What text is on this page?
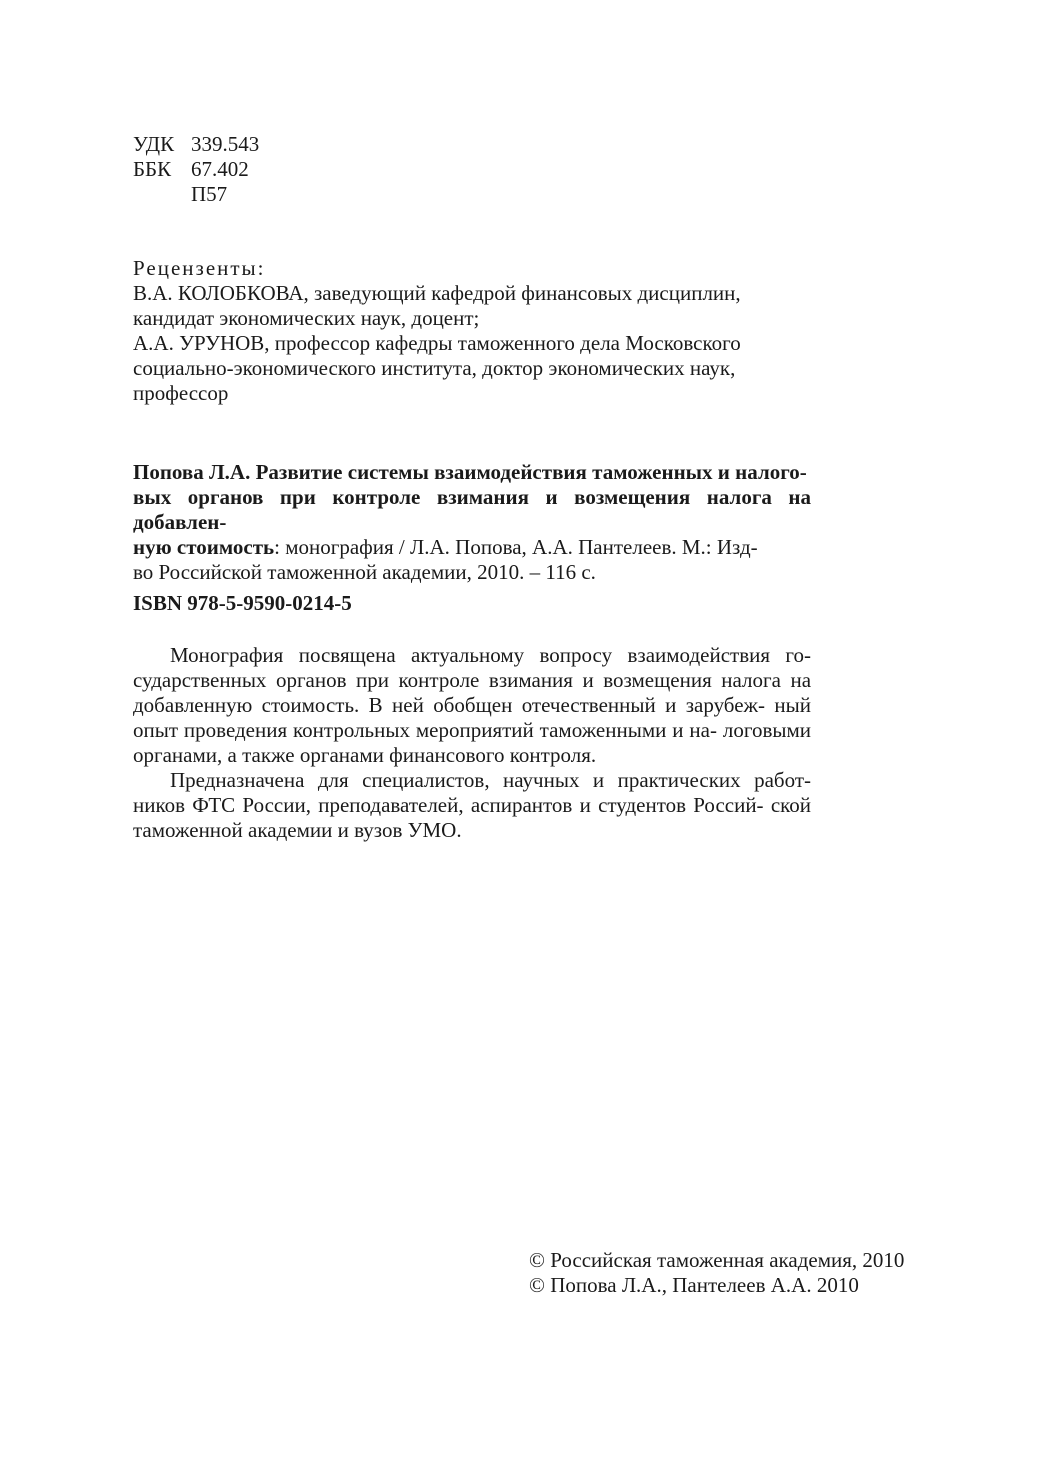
УДК 339.543
ББК 67.402
П57
Рецензенты:
В.А. КОЛОБКОВА, заведующий кафедрой финансовых дисциплин,
кандидат экономических наук, доцент;
А.А. УРУНОВ, профессор кафедры таможенного дела Московского
социально-экономического института, доктор экономических наук,
профессор
Попова Л.А. Развитие системы взаимодействия таможенных и налого-
вых органов при контроле взимания и возмещения налога на добавлен-
ную стоимость: монография / Л.А. Попова, А.А. Пантелеев. М.: Изд-
во Российской таможенной академии, 2010. – 116 с.
ISBN 978-5-9590-0214-5
Монография посвящена актуальному вопросу взаимодействия го- сударственных органов при контроле взимания и возмещения налога на добавленную стоимость. В ней обобщен отечественный и зарубеж- ный опыт проведения контрольных мероприятий таможенными и на- логовыми органами, а также органами финансового контроля.
Предназначена для специалистов, научных и практических работ- ников ФТС России, преподавателей, аспирантов и студентов Россий- ской таможенной академии и вузов УМО.
© Российская таможенная академия, 2010
© Попова Л.А., Пантелеев А.А. 2010
